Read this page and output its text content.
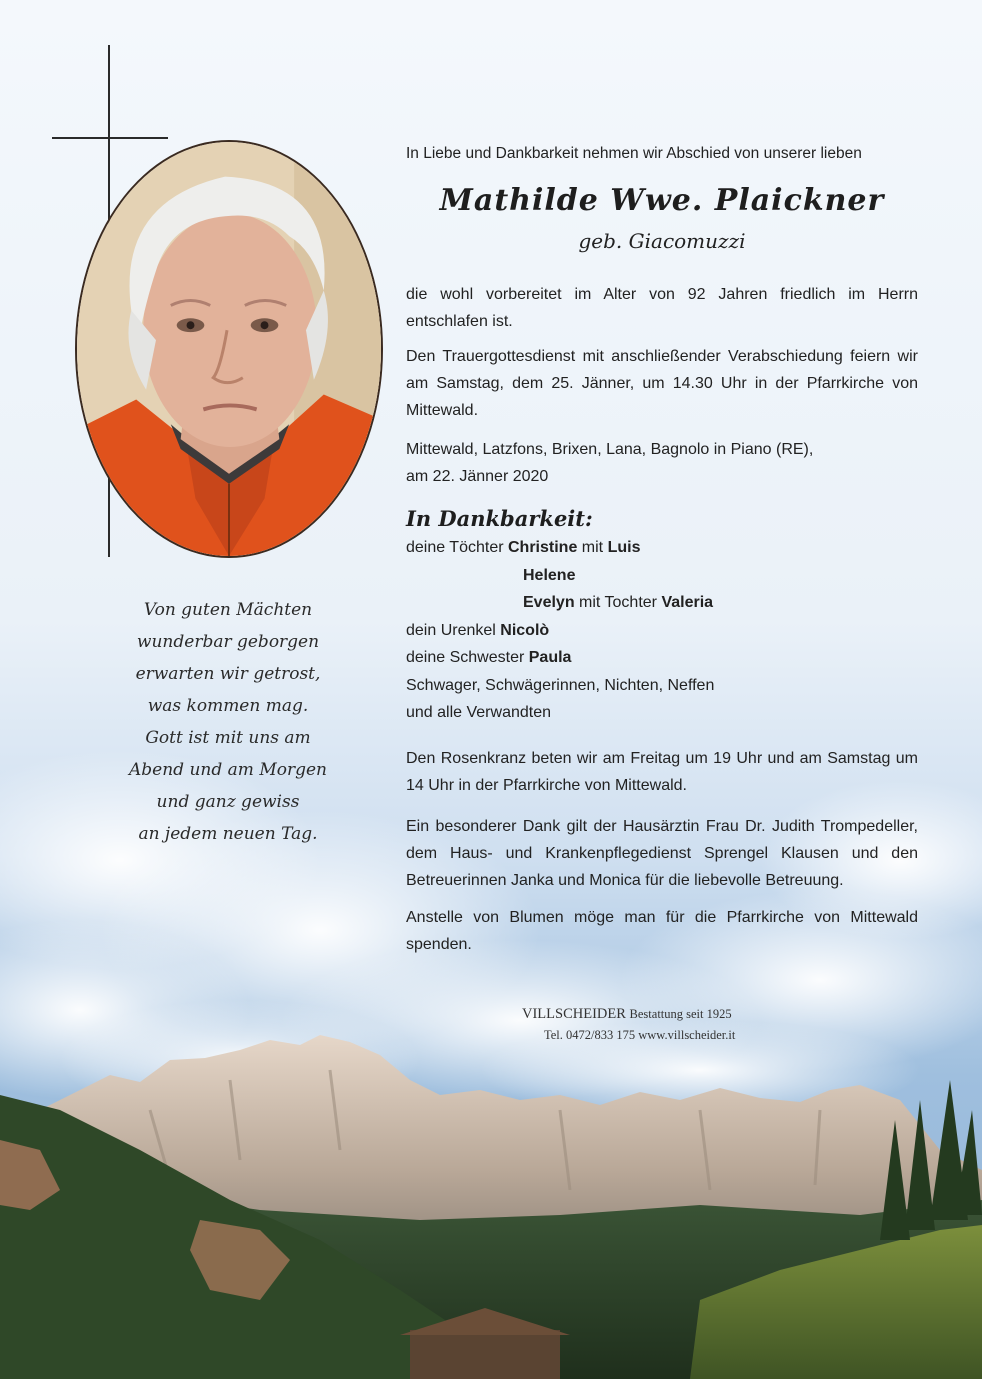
Von guten Mächten
wunderbar geborgen
erwarten wir getrost,
was kommen mag.
Gott ist mit uns am
Abend und am Morgen
und ganz gewiss
an jedem neuen Tag.
In Liebe und Dankbarkeit nehmen wir Abschied von unserer lieben
Mathilde Wwe. Plaickner
geb. Giacomuzzi
die wohl vorbereitet im Alter von 92 Jahren friedlich im Herrn entschlafen ist.
Den Trauergottesdienst mit anschließender Verabschiedung feiern wir am Samstag, dem 25. Jänner, um 14.30 Uhr in der Pfarrkirche von Mittewald.
Mittewald, Latzfons, Brixen, Lana, Bagnolo in Piano (RE),
am 22. Jänner 2020
In Dankbarkeit:
deine Töchter Christine mit Luis
Helene
Evelyn mit Tochter Valeria
dein Urenkel Nicolò
deine Schwester Paula
Schwager, Schwägerinnen, Nichten, Neffen
und alle Verwandten
Den Rosenkranz beten wir am Freitag um 19 Uhr und am Samstag um 14 Uhr in der Pfarrkirche von Mittewald.
Ein besonderer Dank gilt der Hausärztin Frau Dr. Judith Trompedeller, dem Haus- und Krankenpflegedienst Sprengel Klausen und den Betreuerinnen Janka und Monica für die liebevolle Betreuung.
Anstelle von Blumen möge man für die Pfarrkirche von Mittewald spenden.
VILLSCHEIDER Bestattung seit 1925
Tel. 0472/833 175 www.villscheider.it
